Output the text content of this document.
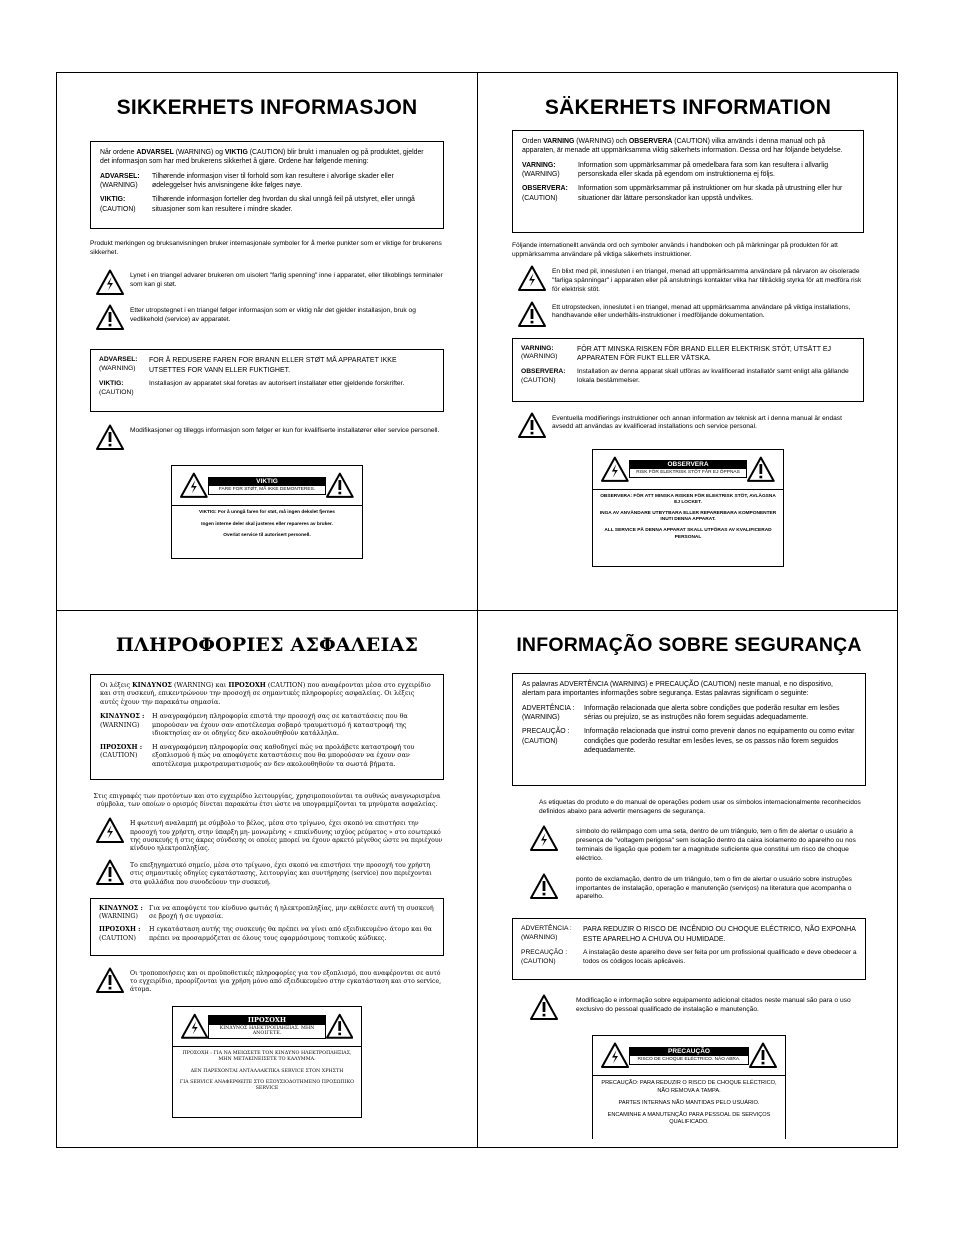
SIKKERHETS INFORMASJON

Når ordene ADVARSEL (WARNING) og VIKTIG (CAUTION) blir brukt i manualen og på produktet, gjelder det informasjon som har med brukerens sikkerhet å gjøre. Ordene har følgende mening:

ADVARSEL:
(WARNING)
Tilhørende informasjon viser til forhold som kan resultere i alvorlige skader eller ødeleggelser hvis anvisningene ikke følges nøye.
VIKTIG:
(CAUTION)
Tilhørende informasjon forteller deg hvordan du skal unngå feil på utstyret, eller unngå situasjoner som kan resultere i mindre skader.
Produkt merkingen og bruksanvisningen bruker internasjonale symboler for å merke punkter som er viktige for brukerens sikkerhet.
Lynet i en triangel advarer brukeren om uisolert "farlig spenning" inne i apparatet, eller tilkoblings terminaler som kan gi støt.
Etter utropstegnet i en triangel følger informasjon som er viktig når det gjelder installasjon, bruk og vedlikehold (service) av apparatet.
ADVARSEL:
(WARNING)
FOR Å REDUSERE FAREN FOR BRANN ELLER STØT MÅ APPARATET IKKE UTSETTES FOR VANN ELLER FUKTIGHET.
VIKTIG:
(CAUTION)
Installasjon av apparatet skal foretas av autorisert installatør etter gjeldende forskrifter.
Modifikasjoner og tilleggs informasjon som følger er kun for kvalifiserte installatører eller service personell.
VIKTIG
FARE FOR STØT, MÅ IKKE DEMONTERES.

VIKTIG: For å unngå faren for støt, må ingen dekslet fjernes

Ingen interne deler skal justeres eller repareres av bruker.

Overlat service til autorisert personell.

SÄKERHETS INFORMATION

Orden VARNING (WARNING) och OBSERVERA (CAUTION) vilka används i denna manual och på apparaten, är menade att uppmärksamma viktig säkerhets information. Dessa ord har följande betydelse.

VARNING:
(WARNING)
Information som uppmärksammar på omedelbara fara som kan resultera i allvarlig personskada eller skada på egendom om instruktionerna ej följs.
OBSERVERA:
(CAUTION)
Information som uppmärksammar på instruktioner om hur skada på utrustning eller hur situationer där lättare personskador kan uppstå undvikes.
Följande internationellt använda ord och symboler används i handboken och på märkningar på produkten för att uppmärksamma användare på viktiga säkerhets instruktioner.
En blixt med pil, innesluten i en triangel, menad att uppmärksamma användare på närvaron av oisolerade "farliga spänningar" i apparaten eller på anslutnings kontakter vilka har tillräcklig styrka för att medföra risk för elektrisk stöt.
Ett utropstecken, inneslutet i en triangel, menad att uppmärksamma användare på viktiga installations, handhavande eller underhålls-instruktioner i medföljande dokumentation.
VARNING:
(WARNING)
FÖR ATT MINSKA RISKEN FÖR BRAND ELLER ELEKTRISK STÖT, UTSÄTT EJ APPARATEN FÖR FUKT ELLER VÄTSKA.
OBSERVERA:
(CAUTION)
Installation av denna apparat skall utföras av kvalificerad installatör samt enligt alla gällande lokala bestämmelser.
Eventuella modifierings instruktioner och annan information av teknisk art i denna manual är endast avsedd att användas av kvalificerad installations och service personal.
OBSERVERA
RISK FÖR ELEKTRISK STÖT FÅR EJ ÖPPNAS

OBSERVERA: FÖR ATT MINSKA RISKEN FÖR ELEKTRISK STÖT, AVLÄGSNA EJ LOCKET.

INGA AV ANVÄNDARE UTBYTBARA ELLER REPARERBARA KOMPONENTER INUTI DENNA APPARAT.

ALL SERVICE PÅ DENNA APPARAT SKALL UTFÖRAS AV KVALIFICERAD PERSONAL

ΠΛΗΡΟΦΟΡΙΕΣ ΑΣΦΑΛΕΙΑΣ

Οι λέξεις ΚΙΝΔΥΝΟΣ (WARNING) και ΠΡΟΣΟΧΗ (CAUTION) που αναφέρονται μέσα στο εγχειρίδιο και στη συσκευή, επικεντρώνουν την προσοχή σε σημαντικές πληροφορίες ασφαλείας. Οι λέξεις αυτές έχουν την παρακάτω σημασία.

ΚΙΝΔΥΝΟΣ :
(WARNING)
Η αναγραφόμενη πληροφορία επιστά την προσοχή σας σε καταστάσεις που θα μπορούσαν να έχουν σαν αποτέλεσμα σοβαρό τραυματισμό ή καταστροφή της ιδιοκτησίας αν οι οδηγίες δεν ακολουθηθούν κατάλληλα.
ΠΡΟΣΟΧΗ :
(CAUTION)
Η αναγραφόμενη πληροφορία σας καθοδηγεί πώς να προλάβετε καταστροφή του εξοπλισμού ή πώς να αποφύγετε καταστάσεις που θα μπορούσαν να έχουν σαν αποτέλεσμα μικροτραυματισμούς αν δεν ακολουθηθούν τα σωστά βήματα.
Στις επιγραφές των προτόντων και στο εγχειρίδιο λειτουργίας, χρησιμοποιούνται τα συθνώς αναγνωρισμένα σύμβολα, των οποίων ο ορισμός δίνεται παρακάτω έτσι ώστε να υπογραμμίζονται τα μηνύματα ασφαλείας.
Η φωτεινή αναλαμπή με σύμβολο το βέλος, μέσα στο τρίγωνο, έχει σκοπό να επιστήσει την προσοχή του χρήστη, στην ύπαρξη μη- μονωμένης « επικίνδυνης ισχύος ρεύματος » στο εσωτερικό της συσκευής ή στις άκρες σύνδεσης οι οποίες μπορεί να έχουν αρκετό μέγεθος ώστε να περιέχουν κίνδυνο ηλεκτροπληξίας.
Το επεξηγηματικό σημείο, μέσα στο τρίγωνο, έχει σκοπό να επιστήσει την προσοχή του χρήστη στις σημαντικές οδηγίες εγκατάστασης, λειτουργίας και συντήρησης (service) που περιέχονται στα φυλλάδια που συνοδεύουν την συσκευή.
ΚΙΝΔΥΝΟΣ :
(WARNING)
Για να αποφύγετε τον κίνδυνο φωτιάς ή ηλεκτροπληξίας, μην εκθέσετε αυτή τη συσκευή σε βροχή ή σε υγρασία.
ΠΡΟΣΟΧΗ :
(CAUTION)
Η εγκατάσταση αυτής της συσκευής θα πρέπει να γίνει από εξειδικευμένο άτομο και θα πρέπει να προσαρμόζεται σε όλους τους εφαρμόσιμους τοπικούς κώδικες.
Οι τροποποιήσεις και οι προϋποθετικές πληροφορίες για τον εξοπλισμό, που αναφέρονται σε αυτό το εγχειρίδιο, προορίζονται για χρήση μόνο από εξειδικευμένο στην εγκατάσταση και στο service, άτομα.
ΠΡΟΣΟΧΗ
ΚΙΝΔΥΝΟΣ ΗΛΕΚΤΡΟΠΛΗΞΙΑΣ. ΜΗΝ ΑΝΟΙΓΕΤΕ.

ΠΡΟΣΟΧΗ : ΓΙΑ ΝΑ ΜΕΙΩΣΕΤΕ ΤΟΝ ΚΙΝΔΥΝΟ ΗΛΕΚΤΡΟΠΛΗΞΙΑΣ, ΜΗΝ ΜΕΤΑΚΙΝΕΙΣΕΤΕ ΤΟ ΚΑΛΥΜΜΑ.

ΔΕΝ ΠΑΡΕΧΟΝΤΑΙ ΑΝΤΑΛΛΑΚΤΙΚΑ SERVICE ΣΤΟΝ ΧΡΗΣΤΗ

ΓΙΑ SERVICE ΑΝΑΦΕΡΘΕΙΤΕ ΣΤΟ ΕΞΟΥΣΙΟΔΟΤΗΜΕΝΟ ΠΡΟΣΩΠΙΚΟ SERVICE

INFORMAÇÃO SOBRE SEGURANÇA

As palavras ADVERTÊNCIA (WARNING) e PRECAUÇÃO (CAUTION) neste manual, e no dispositivo, alertam para importantes informações sobre segurança. Estas palavras significam o seguinte:

ADVERTÊNCIA :
(WARNING)
Informação relacionada que alerta sobre condições que poderão resultar em lesões sérias ou prejuízo, se as instruções não forem seguidas adequadamente.
PRECAUÇÃO :
(CAUTION)
Informação relacionada que instrui como prevenir danos no equipamento ou como evitar condições que poderão resultar em lesões leves, se os passos não forem seguidos adequadamente.
As etiquetas do produto e do manual de operações podem usar os símbolos internacionalmente reconhecidos definidos abaixo para advertir mensagens de segurança.
símbolo do relâmpago com uma seta, dentro de um triângulo, tem o fim de alertar o usuário a presença de "voltagem perigosa" sem isolação dentro da caixa isolamento do aparelho ou nos terminais de ligação que podem ter a magnitude suficiente que constitui um risco de choque eléctrico.
ponto de exclamação, dentro de um triângulo, tem o fim de alertar o usuário sobre instruções importantes de instalação, operação e manutenção (serviços) na literatura que acompanha o aparelho.
ADVERTÊNCIA :
(WARNING)
PARA REDUZIR O RISCO DE INCÊNDIO OU CHOQUE ELÉCTRICO, NÃO EXPONHA ESTE APARELHO A CHUVA OU HUMIDADE.
PRECAUÇÃO :
(CAUTION)
A instalação deste aparelho deve ser feita por um profissional qualificado e deve obedecer a todos os códigos locais aplicáveis.
Modificação e informação sobre equipamento adicional citados neste manual são para o uso exclusivo do pessoal qualificado de instalação e manutenção.
PRECAUÇÃO
RISCO DE CHOQUE ELÉCTRICO. NÃO ABRA.

PRECAUÇÃO: PARA REDUZIR O RISCO DE CHOQUE ELÉCTRICO, NÃO REMOVA A TAMPA.

PARTES INTERNAS NÃO MANTIDAS PELO USUÁRIO.

ENCAMINHE A MANUTENÇÃO PARA PESSOAL DE SERVIÇOS QUALIFICADO.
